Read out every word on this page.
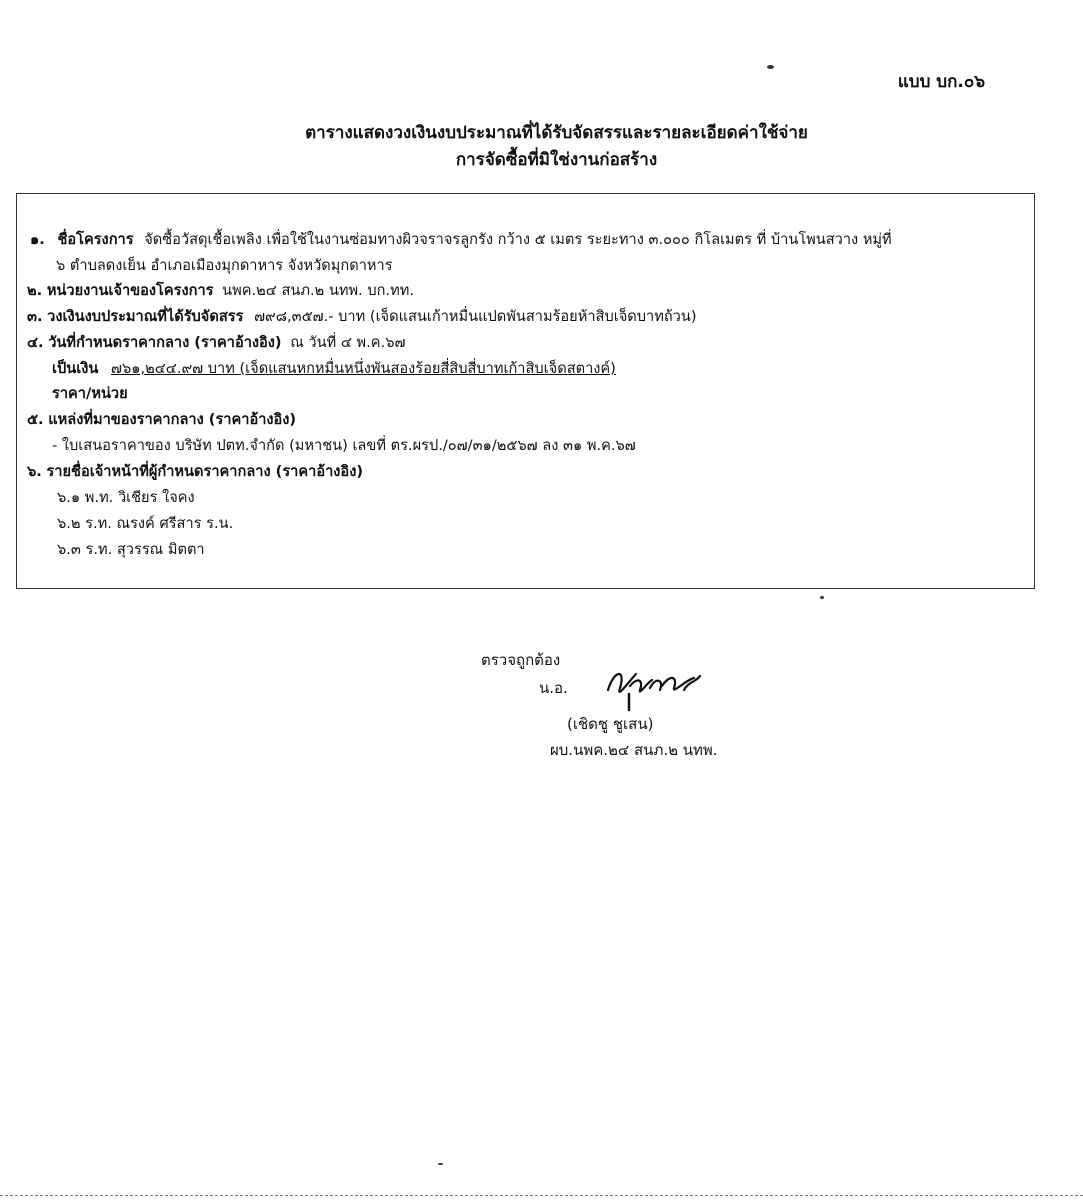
แบบ บก.๐๖
ตารางแสดงวงเงินงบประมาณที่ได้รับจัดสรรและรายละเอียดค่าใช้จ่าย
การจัดซื้อที่มิใช่งานก่อสร้าง
๑. ชื่อโครงการ จัดซื้อวัสดุเชื้อเพลิง เพื่อใช้ในงานซ่อมทางผิวจราจรลูกรัง กว้าง ๕ เมตร ระยะทาง ๓.๐๐๐ กิโลเมตร ที่ บ้านโพนสวาง หมู่ที่
๖ ตำบลดงเย็น อำเภอเมืองมุกดาหาร จังหวัดมุกดาหาร
๒. หน่วยงานเจ้าของโครงการ นพค.๒๔ สนภ.๒ นทพ. บก.ทท.
๓. วงเงินงบประมาณที่ได้รับจัดสรร ๗๙๘,๓๕๗.- บาท (เจ็ดแสนเก้าหมื่นแปดพันสามร้อยห้าสิบเจ็ดบาทถ้วน)
๔. วันที่กำหนดราคากลาง (ราคาอ้างอิง) ณ วันที่ ๔ พ.ค.๖๗
เป็นเงิน ๗๖๑,๒๔๔.๙๗ บาท (เจ็ดแสนหกหมื่นหนึ่งพันสองร้อยสี่สิบสี่บาทเก้าสิบเจ็ดสตางค์)
ราคา/หน่วย
๕. แหล่งที่มาของราคากลาง (ราคาอ้างอิง)
- ใบเสนอราคาของ บริษัท ปตท.จำกัด (มหาชน) เลขที่ ตร.ผรป./๐๗/๓๑/๒๕๖๗ ลง ๓๑ พ.ค.๖๗
๖. รายชื่อเจ้าหน้าที่ผู้กำหนดราคากลาง (ราคาอ้างอิง)
๖.๑ พ.ท. วิเชียร ใจคง
๖.๒ ร.ท. ณรงค์ ศรีสาร ร.น.
๖.๓ ร.ท. สุวรรณ มิตตา
ตรวจถูกต้อง
น.อ.
(เชิดชู ชูเสน)
ผบ.นพค.๒๔ สนภ.๒ นทพ.
